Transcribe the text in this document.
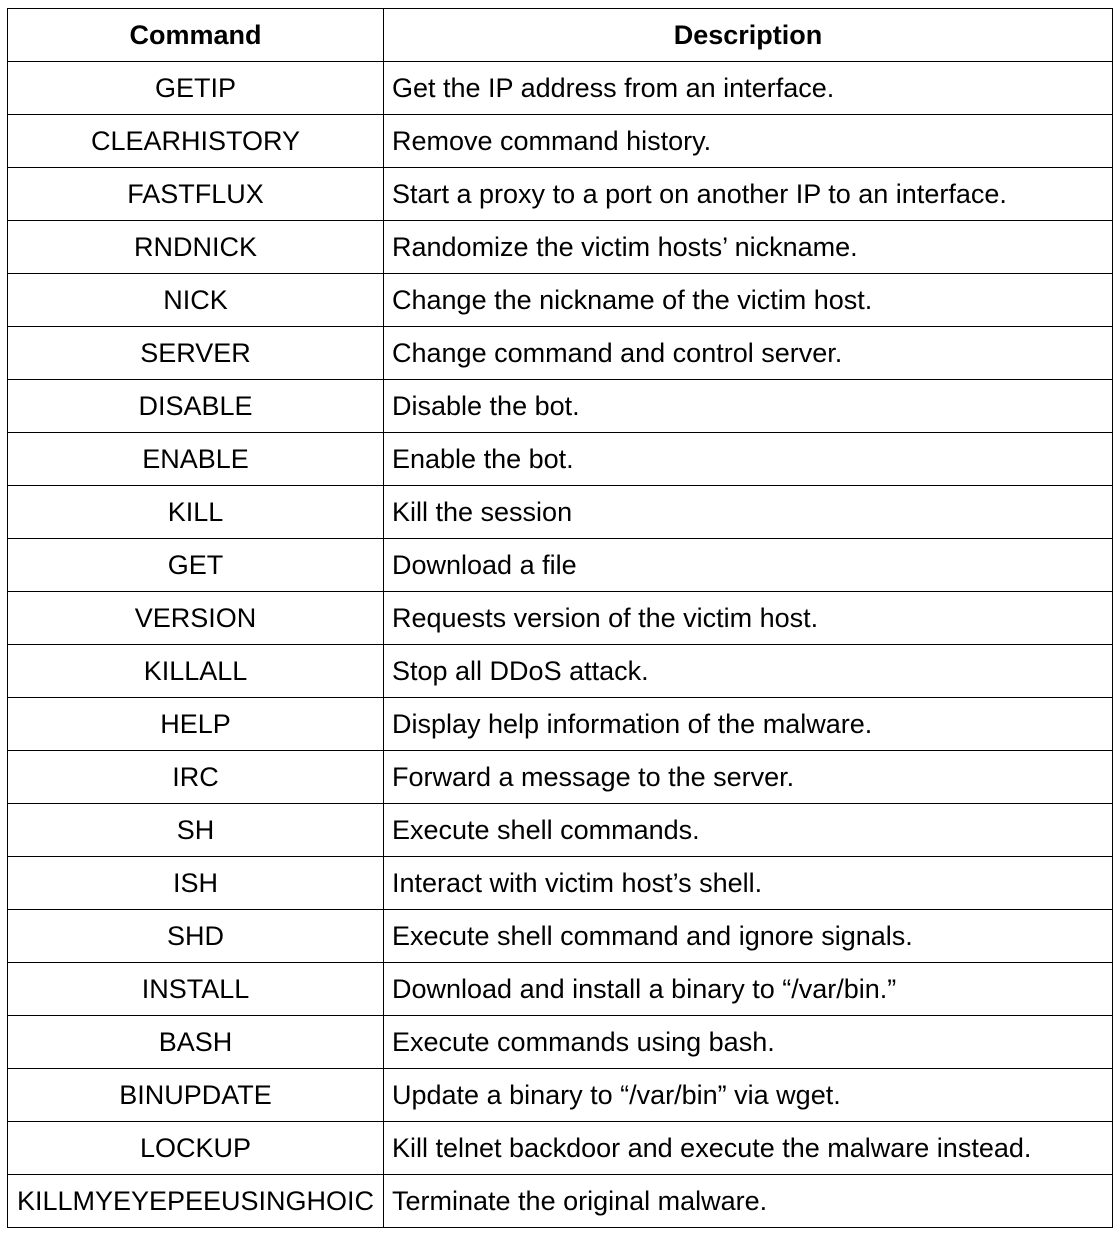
Command	Description
GETIP	Get the IP address from an interface.
CLEARHISTORY	Remove command history.
FASTFLUX	Start a proxy to a port on another IP to an interface.
RNDNICK	Randomize the victim hosts’ nickname.
NICK	Change the nickname of the victim host.
SERVER	Change command and control server.
DISABLE	Disable the bot.
ENABLE	Enable the bot.
KILL	Kill the session
GET	Download a file
VERSION	Requests version of the victim host.
KILLALL	Stop all DDoS attack.
HELP	Display help information of the malware.
IRC	Forward a message to the server.
SH	Execute shell commands.
ISH	Interact with victim host’s shell.
SHD	Execute shell command and ignore signals.
INSTALL	Download and install a binary to “/var/bin.”
BASH	Execute commands using bash.
BINUPDATE	Update a binary to “/var/bin” via wget.
LOCKUP	Kill telnet backdoor and execute the malware instead.
KILLMYEYEPEEUSINGHOIC	Terminate the original malware.
